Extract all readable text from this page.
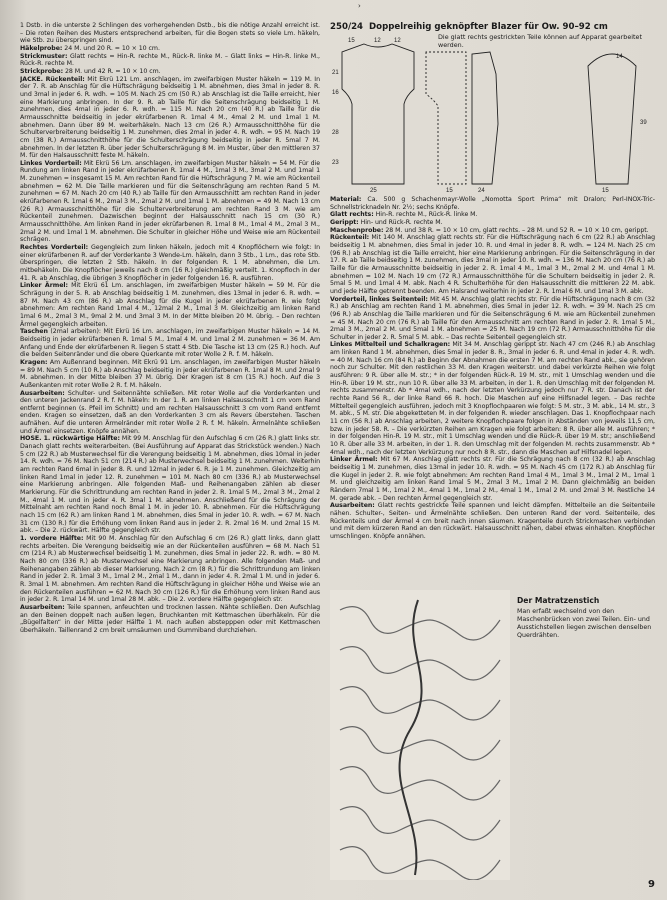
›

1 Dstb. in die unterste 2 Schlingen des vorhergehenden Dstb., bis die nötige Anzahl erreicht ist. – Die roten Reihen des Musters entsprechend arbeiten, für die Bogen stets so viele Lm. häkeln, wie Stb. zu überspringen sind.

Häkelprobe: 24 M. und 20 R. = 10 × 10 cm.

Strickmuster: Glatt rechts = Hin-R. rechte M., Rück-R. linke M. – Glatt links = Hin-R. linke M., Rück-R. rechte M.

Strickprobe: 28 M. und 42 R. = 10 × 10 cm.

JACKE. Rückenteil: Mit Ekrü 121 Lm. anschlagen, im zweifarbigen Muster häkeln = 119 M. In der 7. R. ab Anschlag für die Hüftschrägung beidseitig 1 M. abnehmen, dies 3mal in jeder 8. R. und 3mal in jeder 6. R. wdh. = 105 M. Nach 25 cm (50 R.) ab Anschlag ist die Taille erreicht, hier eine Markierung anbringen. In der 9. R. ab Taille für die Seitenschrägung beidseitig 1 M. zunehmen, dies 4mal in jeder 6. R. wdh. = 115 M. Nach 20 cm (40 R.) ab Taille für die Armausschnitte beidseitig in jeder ekrüfarbenen R. 1mal 4 M., 4mal 2 M. und 1mal 1 M. abnehmen. Dann über 89 M. weiterhäkeln. Nach 13 cm (26 R.) Armausschnitthöhe für die Schulterverbreiterung beidseitig 1 M. zunehmen, dies 2mal in jeder 4. R. wdh. = 95 M. Nach 19 cm (38 R.) Armausschnitthöhe für die Schulterschrägung beidseitig in jeder R. 5mal 7 M. abnehmen. In der letzten R. über jeder Schulterschrägung 8 M. im Muster, über den mittleren 37 M. für den Halsausschnitt feste M. häkeln.

Linkes Vorderteil: Mit Ekrü 56 Lm. anschlagen, im zweifarbigen Muster häkeln = 54 M. Für die Rundung am linken Rand in jeder ekrüfarbenen R. 1mal 4 M., 1mal 3 M., 3mal 2 M. und 1mal 1 M. zunehmen = insgesamt 15 M. Am rechten Rand für die Hüftschrägung 7 M. wie am Rückenteil abnehmen = 62 M. Die Taille markieren und für die Seitenschrägung am rechten Rand 5 M. zunehmen = 67 M. Nach 20 cm (40 R.) ab Taille für den Armausschnitt am rechten Rand in jeder ekrüfarbenen R. 1mal 6 M., 2mal 3 M., 2mal 2 M. und 1mal 1 M. abnehmen = 49 M. Nach 13 cm (26 R.) Armausschnitthöhe für die Schulterverbreiterung am rechten Rand 3 M. wie am Rückenteil zunehmen. Dazwischen beginnt der Halsausschnitt nach 15 cm (30 R.) Armausschnitthöhe. Am linken Rand in jeder ekrüfarbenen R. 1mal 8 M., 1mal 4 M., 2mal 3 M., 2mal 2 M. und 1mal 1 M. abnehmen. Die Schulter in gleicher Höhe und Weise wie am Rückenteil schrägen.

Rechtes Vorderteil: Gegengleich zum linken häkeln, jedoch mit 4 Knopflöchern wie folgt: In einer ekrüfarbenen R. auf der Vorderkante 3 Wende-Lm. häkeln, dann 3 Stb., 1 Lm., das rote Stb. überspringen, die letzten 2 Stb. häkeln. In der folgenden R. 1 M. abnehmen, die Lm. mitbehäkeln. Die Knopflöcher jeweils nach 8 cm (16 R.) gleichmäßig verteilt. 1. Knopfloch in der 41. R. ab Anschlag, die übrigen 3 Knopflöcher in jeder folgenden 16. R. ausführen.

Linker Ärmel: Mit Ekrü 61 Lm. anschlagen, im zweifarbigen Muster häkeln = 59 M. Für die Schrägung in der 5. R. ab Anschlag beidseitig 1 M. zunehmen, dies 13mal in jeder 6. R. wdh. = 87 M. Nach 43 cm (86 R.) ab Anschlag für die Kugel in jeder ekrüfarbenen R. wie folgt abnehmen: Am rechten Rand 1mal 4 M., 12mal 2 M., 1mal 3 M. Gleichzeitig am linken Rand 1mal 6 M., 2mal 3 M., 9mal 2 M. und 3mal 3 M. In der Mitte bleiben 20 M. übrig. – Den rechten Ärmel gegengleich arbeiten.

Taschen (2mal arbeiten): Mit Ekrü 16 Lm. anschlagen, im zweifarbigen Muster häkeln = 14 M. Beidseitig in jeder ekrüfarbenen R. 1mal 5 M., 1mal 4 M. und 1mal 2 M. zunehmen = 36 M. Am Anfang und Ende der ekrüfarbenen R. liegen 5 statt 4 Stb. Die Tasche ist 13 cm (25 R.) hoch. Auf die beiden Seitenränder und die obere Querkante mit roter Wolle 2 R. f. M. häkeln.

Kragen: Am Außenrand beginnen. Mit Ekrü 91 Lm. anschlagen, im zweifarbigen Muster häkeln = 89 M. Nach 5 cm (10 R.) ab Anschlag beidseitig in jeder ekrüfarbenen R. 1mal 8 M. und 2mal 9 M. abnehmen. In der Mitte bleiben 37 M. übrig. Der Kragen ist 8 cm (15 R.) hoch. Auf die 3 Außenkanten mit roter Wolle 2 R. f. M. häkeln.

Ausarbeiten: Schulter- und Seitennähte schließen. Mit roter Wolle auf die Vorderkanten und den unteren Jackenrand 2 R. f. M. häkeln: In der 1. R. am linken Halsausschnitt 1 cm vom Rand entfernt beginnen (s. Pfeil im Schnitt) und am rechten Halsausschnitt 3 cm vom Rand entfernt enden. Kragen so einsetzen, daß an den Vorderkanten 3 cm als Revers überstehen. Taschen aufnähen. Auf die unteren Ärmelränder mit roter Wolle 2 R. f. M. häkeln. Ärmelnähte schließen und Ärmel einsetzen. Knöpfe annähen.

HOSE. 1. rückwärtige Hälfte: Mit 99 M. Anschlag für den Aufschlag 6 cm (26 R.) glatt links str. Danach glatt rechts weiterarbeiten. (Bei Ausführung auf Apparat das Strickstück wenden.) Nach 5 cm (22 R.) ab Musterwechsel für die Verengung beidseitig 1 M. abnehmen, dies 10mal in jeder 14. R. wdh. = 76 M. Nach 51 cm (214 R.) ab Musterwechsel beidseitig 1 M. zunehmen. Weiterhin am rechten Rand 6mal in jeder 8. R. und 12mal in jeder 6. R. je 1 M. zunehmen. Gleichzeitig am linken Rand 1mal in jeder 12. R. zunehmen = 101 M. Nach 80 cm (336 R.) ab Musterwechsel eine Markierung anbringen. Alle folgenden Maß- und Reihenangaben zählen ab dieser Markierung. Für die Schrittrundung am rechten Rand in jeder 2. R. 1mal 5 M., 2mal 3 M., 2mal 2 M., 4mal 1 M. und in jeder 4. R. 3mal 1 M. abnehmen. Anschließend für die Schrägung der Mittelnaht am rechten Rand noch 8mal 1 M. in jeder 10. R. abnehmen. Für die Hüftschrägung nach 15 cm (62 R.) am linken Rand 1 M. abnehmen, dies 5mal in jeder 10. R. wdh. = 67 M. Nach 31 cm (130 R.) für die Erhöhung vom linken Rand aus in jeder 2. R. 2mal 16 M. und 2mal 15 M. abk. – Die 2. rückwärt. Hälfte gegengleich str.

1. vordere Hälfte: Mit 90 M. Anschlag für den Aufschlag 6 cm (26 R.) glatt links, dann glatt rechts arbeiten. Die Verengung beidseitig wie an der Rückenteilen ausführen = 68 M. Nach 51 cm (214 R.) ab Musterwechsel beidseitig 1 M. zunehmen, dies 5mal in jeder 22. R. wdh. = 80 M. Nach 80 cm (336 R.) ab Musterwechsel eine Markierung anbringen. Alle folgenden Maß- und Reihenangaben zählen ab dieser Markierung. Nach 2 cm (8 R.) für die Schrittrundung am linken Rand in jeder 2. R. 1mal 3 M., 1mal 2 M., 2mal 1 M., dann in jeder 4. R. 2mal 1 M. und in jeder 6. R. 3mal 1 M. abnehmen. Am rechten Rand die Hüftschrägung in gleicher Höhe und Weise wie an den Rückenteilen ausführen = 62 M. Nach 30 cm (126 R.) für die Erhöhung vom linken Rand aus in jeder 2. R. 1mal 14 M. und 1mal 28 M. abk. – Die 2. vordere Hälfte gegengleich str.

Ausarbeiten: Teile spannen, anfeuchten und trocknen lassen. Nähte schließen. Den Aufschlag an den Beinen doppelt nach außen legen, Bruchkanten mit Kettmaschen überhäkeln. Für die „Bügelfalten“ in der Mitte jeder Hälfte 1 M. nach außen abstepppen oder mit Kettmaschen überhäkeln. Taillenrand 2 cm breit umsäumen und Gummiband durchziehen.

250/24 Doppelreihig geknöpfter Blazer für Ow. 90–92 cm
15	12 12
21
16
28
23
25	15	24	15
14
39

Die glatt rechts gestrickten Teile können auf Apparat gearbeitet werden.

Material: Ca. 500 g Schachenmayr-Wolle „Nomotta Sport Prima“ mit Dralon; Perl-INOX-Tric-Schnellstricknadeln Nr. 2½; sechs Knöpfe.

Glatt rechts: Hin-R. rechte M., Rück-R. linke M.

Gerippt: Hin- und Rück-R. rechte M.

Maschenprobe: 28 M. und 38 R. = 10 × 10 cm, glatt rechts. – 28 M. und 52 R. = 10 × 10 cm, gerippt.

Rückenteil: Mit 140 M. Anschlag glatt rechts str. Für die Hüftschrägung nach 6 cm (22 R.) ab Anschlag beidseitig 1 M. abnehmen, dies 5mal in jeder 10. R. und 4mal in jeder 8. R. wdh. = 124 M. Nach 25 cm (96 R.) ab Anschlag ist die Taille erreicht, hier eine Markierung anbringen. Für die Seitenschrägung in der 17. R. ab Taille beidseitig 1 M. zunehmen, dies 3mal in jeder 10. R. wdh. = 136 M. Nach 20 cm (76 R.) ab Taille für die Armausschnitte beidseitig in jeder 2. R. 1mal 4 M., 1mal 3 M., 2mal 2 M. und 4mal 1 M. abnehmen = 102 M. Nach 19 cm (72 R.) Armausschnitthöhe für die Schultern beidseitig in jeder 2. R. 5mal 5 M. und 1mal 4 M. abk. Nach 4 R. Schulterhöhe für den Halsausschnitt die mittleren 22 M. abk. und jede Hälfte getrennt beenden. Am Halsrand weiterhin in jeder 2. R. 1mal 6 M. und 1mal 3 M. abk.

Vorderteil, linkes Seitenteil: Mit 45 M. Anschlag glatt rechts str. Für die Hüftschrägung nach 8 cm (32 R.) ab Anschlag am rechten Rand 1 M. abnehmen, dies 5mal in jeder 12. R. wdh. = 39 M. Nach 25 cm (96 R.) ab Anschlag die Taille markieren und für die Seitenschrägung 6 M. wie am Rückenteil zunehmen = 45 M. Nach 20 cm (76 R.) ab Taille für den Armausschnitt am rechten Rand in jeder 2. R. 1mal 5 M., 2mal 3 M., 2mal 2 M. und 5mal 1 M. abnehmen = 25 M. Nach 19 cm (72 R.) Armausschnitthöhe für die Schulter in jeder 2. R. 5mal 5 M. abk. – Das rechte Seitenteil gegengleich str.

Linkes Mittelteil und Schalkragen: Mit 34 M. Anschlag gerippt str. Nach 47 cm (246 R.) ab Anschlag am linken Rand 1 M. abnehmen, dies 5mal in jeder 8. R., 3mal in jeder 6. R. und 4mal in jeder 4. R. wdh. = 40 M. Nach 16 cm (84 R.) ab Beginn der Abnahmen die ersten 7 M. am rechten Rand abk., sie gehören noch zur Schulter. Mit den restlichen 33 M. den Kragen weiterstr. und dabei verkürzte Reihen wie folgt ausführen: 9 R. über alle M. str.; * in der folgenden Rück-R. 19 M. str., mit 1 Umschlag wenden und die Hin-R. über 19 M. str., nun 10 R. über alle 33 M. arbeiten, in der 1. R. den Umschlag mit der folgenden M. rechts zusammenstr. Ab * 4mal wdh., nach der letzten Verkürzung jedoch nur 7 R. str. Danach ist der rechte Rand 56 R., der linke Rand 66 R. hoch. Die Maschen auf eine Hilfsnadel legen. – Das rechte Mittelteil gegengleich ausführen, jedoch mit 3 Knopflochpaaren wie folgt: 5 M. str., 3 M. abk., 14 M. str., 3 M. abk., 5 M. str. Die abgeketteten M. in der folgenden R. wieder anschlagen. Das 1. Knopflochpaar nach 11 cm (56 R.) ab Anschlag arbeiten, 2 weitere Knopflochpaare folgen in Abständen von jeweils 11,5 cm, bzw. in jeder 58. R. – Die verkürzten Reihen am Kragen wie folgt arbeiten: 8 R. über alle M. ausführen; * in der folgenden Hin-R. 19 M. str., mit 1 Umschlag wenden und die Rück-R. über 19 M. str.; anschließend 10 R. über alle 33 M. arbeiten, in der 1. R. den Umschlag mit der folgenden M. rechts zusammenstr. Ab * 4mal wdh., nach der letzten Verkürzung nur noch 8 R. str., dann die Maschen auf Hilfsnadel legen.

Linker Ärmel: Mit 67 M. Anschlag glatt rechts str. Für die Schrägung nach 8 cm (32 R.) ab Anschlag beidseitig 1 M. zunehmen, dies 13mal in jeder 10. R. wdh. = 95 M. Nach 45 cm (172 R.) ab Anschlag für die Kugel in jeder 2. R. wie folgt abnehmen: Am rechten Rand 1mal 4 M., 1mal 3 M., 1mal 2 M., 1mal 1 M. und gleichzeitig am linken Rand 1mal 5 M., 2mal 3 M., 1mal 2 M. Dann gleichmäßig an beiden Rändern 7mal 1 M., 1mal 2 M., 4mal 1 M., 1mal 2 M., 4mal 1 M., 1mal 2 M. und 2mal 3 M. Restliche 14 M. gerade abk. – Den rechten Ärmel gegengleich str.

Ausarbeiten: Glatt rechts gestrickte Teile spannen und leicht dämpfen. Mittelteile an die Seitenteile nähen. Schulter-, Seiten- und Ärmelnähte schließen. Den unteren Rand der vord. Seitenteile, des Rückenteils und der Ärmel 4 cm breit nach innen säumen. Kragenteile durch Strickmaschen verbinden und mit dem kürzeren Rand an den rückwärt. Halsausschnitt nähen, dabei etwas einhalten. Knopflöcher umschlingen. Knöpfe annähen.

Der Matratzenstich

Man erfaßt wechselnd von den Maschenbrücken von zwei Teilen. Ein- und Ausstichstellen liegen zwischen denselben Querdrähten.

9
